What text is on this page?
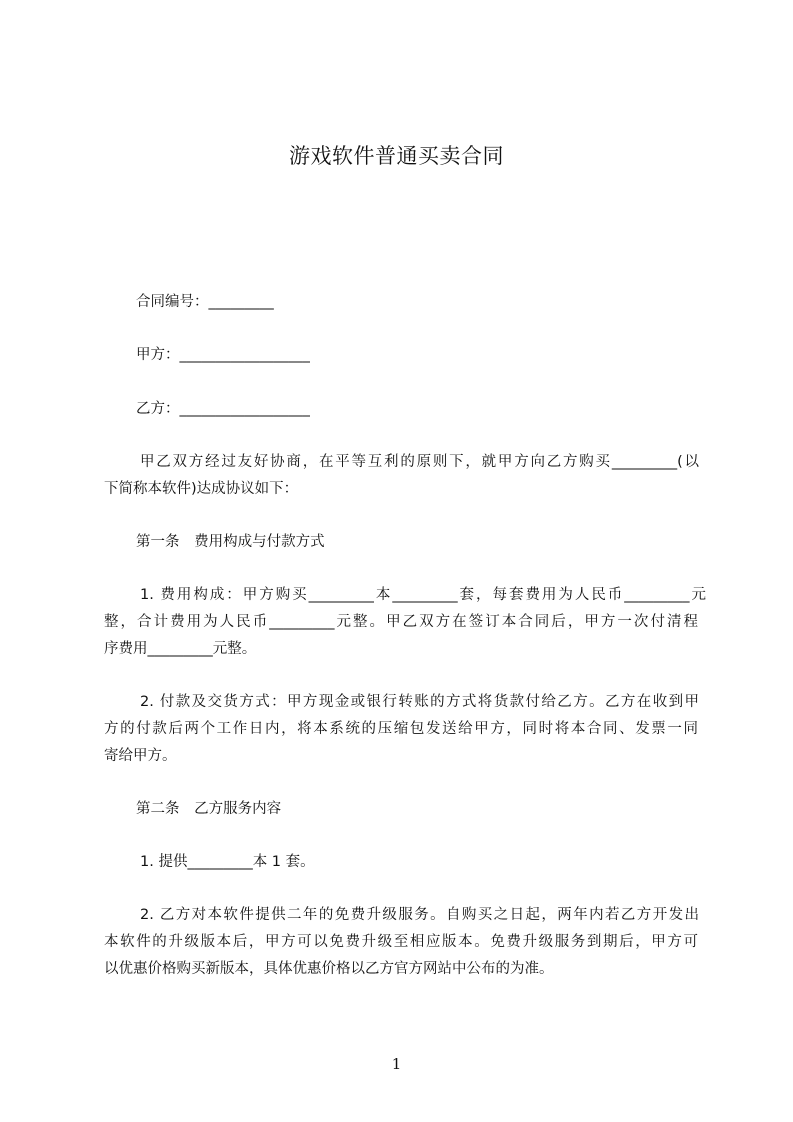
游戏软件普通买卖合同
合同编号：_________
甲方：__________________
乙方：__________________
甲乙双方经过友好协商，在平等互利的原则下，就甲方向乙方购买_________(以
下简称本软件)达成协议如下：
第一条 费用构成与付款方式
1. 费用构成：甲方购买_________本_________套，每套费用为人民币_________元
整，合计费用为人民币_________元整。甲乙双方在签订本合同后，甲方一次付清程
序费用_________元整。
2. 付款及交货方式：甲方现金或银行转账的方式将货款付给乙方。乙方在收到甲
方的付款后两个工作日内，将本系统的压缩包发送给甲方，同时将本合同、发票一同
寄给甲方。
第二条 乙方服务内容
1. 提供_________本 1 套。
2. 乙方对本软件提供二年的免费升级服务。自购买之日起，两年内若乙方开发出
本软件的升级版本后，甲方可以免费升级至相应版本。免费升级服务到期后，甲方可
以优惠价格购买新版本，具体优惠价格以乙方官方网站中公布的为准。
1
